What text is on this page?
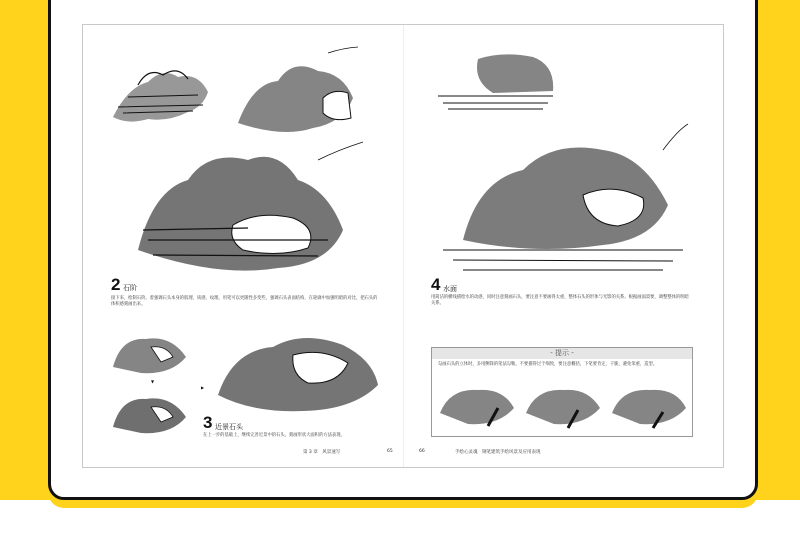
2 石阶
接下来，绘制石阶。着强调石头本身的肌理、质感、纹理。用笔可以更随性多变些，强调石头表面结构，在轮廓中加强明暗的对比，把石头的体积感刻画出来。
▼
▶
3 近景石头
在上一步的基础上，继续完善近景中的石头，刻画形状大面积的方法表现。
4 水面
用简洁的横线描绘水的动感，同时注意刻画石头，要注意不要画得太重，整体石头的形体与光影的关系。根据画面需要，调整整体的明暗关系。
- 提示 -
勾画石头的立体时，多用侧锋的笔法勾勒。不要描得过于细致，要注意概括，下笔要肯定，干脆，避免笨重，造型。
第 3 章　风景速写	65	66	手绘心灵魂　钢笔建筑手绘风景及应用表现
